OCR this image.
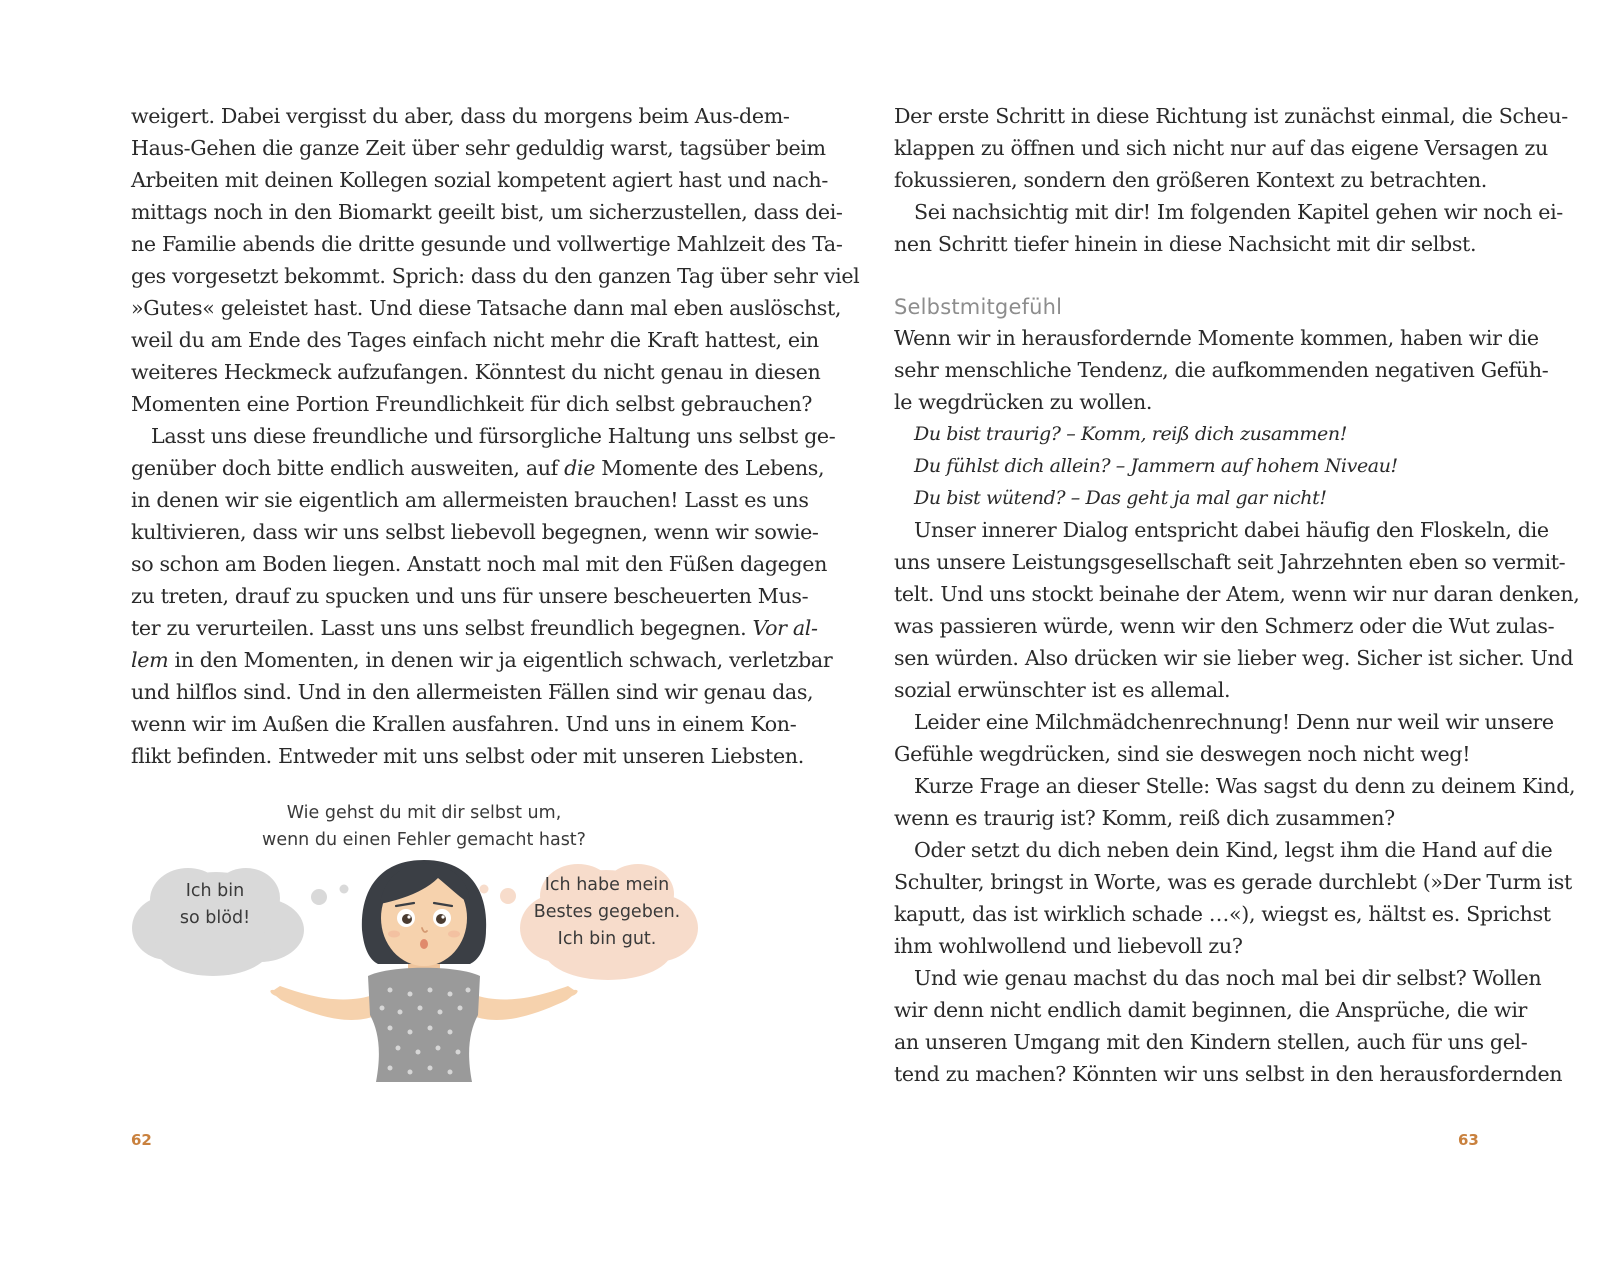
weigert. Dabei vergisst du aber, dass du morgens beim Aus-dem-
Haus-Gehen die ganze Zeit über sehr geduldig warst, tagsüber beim
Arbeiten mit deinen Kollegen sozial kompetent agiert hast und nach-
mittags noch in den Biomarkt geeilt bist, um sicherzustellen, dass dei-
ne Familie abends die dritte gesunde und vollwertige Mahlzeit des Ta-
ges vorgesetzt bekommt. Sprich: dass du den ganzen Tag über sehr viel
»Gutes« geleistet hast. Und diese Tatsache dann mal eben auslöschst,
weil du am Ende des Tages einfach nicht mehr die Kraft hattest, ein
weiteres Heckmeck aufzufangen. Könntest du nicht genau in diesen
Momenten eine Portion Freundlichkeit für dich selbst gebrauchen?
Lasst uns diese freundliche und fürsorgliche Haltung uns selbst ge-
genüber doch bitte endlich ausweiten, auf die Momente des Lebens,
in denen wir sie eigentlich am allermeisten brauchen! Lasst es uns
kultivieren, dass wir uns selbst liebevoll begegnen, wenn wir sowie-
so schon am Boden liegen. Anstatt noch mal mit den Füßen dagegen
zu treten, drauf zu spucken und uns für unsere bescheuerten Mus-
ter zu verurteilen. Lasst uns uns selbst freundlich begegnen. Vor al-
lem in den Momenten, in denen wir ja eigentlich schwach, verletzbar
und hilflos sind. Und in den allermeisten Fällen sind wir genau das,
wenn wir im Außen die Krallen ausfahren. Und uns in einem Kon-
flikt befinden. Entweder mit uns selbst oder mit unseren Liebsten.
Wie gehst du mit dir selbst um,
wenn du einen Fehler gemacht hast?
Ich bin
so blöd!
Ich habe mein
Bestes gegeben.
Ich bin gut.
62
Der erste Schritt in diese Richtung ist zunächst einmal, die Scheu-
klappen zu öffnen und sich nicht nur auf das eigene Versagen zu
fokussieren, sondern den größeren Kontext zu betrachten.
Sei nachsichtig mit dir! Im folgenden Kapitel gehen wir noch ei-
nen Schritt tiefer hinein in diese Nachsicht mit dir selbst.
Selbstmitgefühl
Wenn wir in herausfordernde Momente kommen, haben wir die
sehr menschliche Tendenz, die aufkommenden negativen Gefüh-
le wegdrücken zu wollen.
Du bist traurig? – Komm, reiß dich zusammen!
Du fühlst dich allein? – Jammern auf hohem Niveau!
Du bist wütend? – Das geht ja mal gar nicht!
Unser innerer Dialog entspricht dabei häufig den Floskeln, die
uns unsere Leistungsgesellschaft seit Jahrzehnten eben so vermit-
telt. Und uns stockt beinahe der Atem, wenn wir nur daran denken,
was passieren würde, wenn wir den Schmerz oder die Wut zulas-
sen würden. Also drücken wir sie lieber weg. Sicher ist sicher. Und
sozial erwünschter ist es allemal.
Leider eine Milchmädchenrechnung! Denn nur weil wir unsere
Gefühle wegdrücken, sind sie deswegen noch nicht weg!
Kurze Frage an dieser Stelle: Was sagst du denn zu deinem Kind,
wenn es traurig ist? Komm, reiß dich zusammen?
Oder setzt du dich neben dein Kind, legst ihm die Hand auf die
Schulter, bringst in Worte, was es gerade durchlebt (»Der Turm ist
kaputt, das ist wirklich schade …«), wiegst es, hältst es. Sprichst
ihm wohlwollend und liebevoll zu?
Und wie genau machst du das noch mal bei dir selbst? Wollen
wir denn nicht endlich damit beginnen, die Ansprüche, die wir
an unseren Umgang mit den Kindern stellen, auch für uns gel-
tend zu machen? Könnten wir uns selbst in den herausfordernden
63
